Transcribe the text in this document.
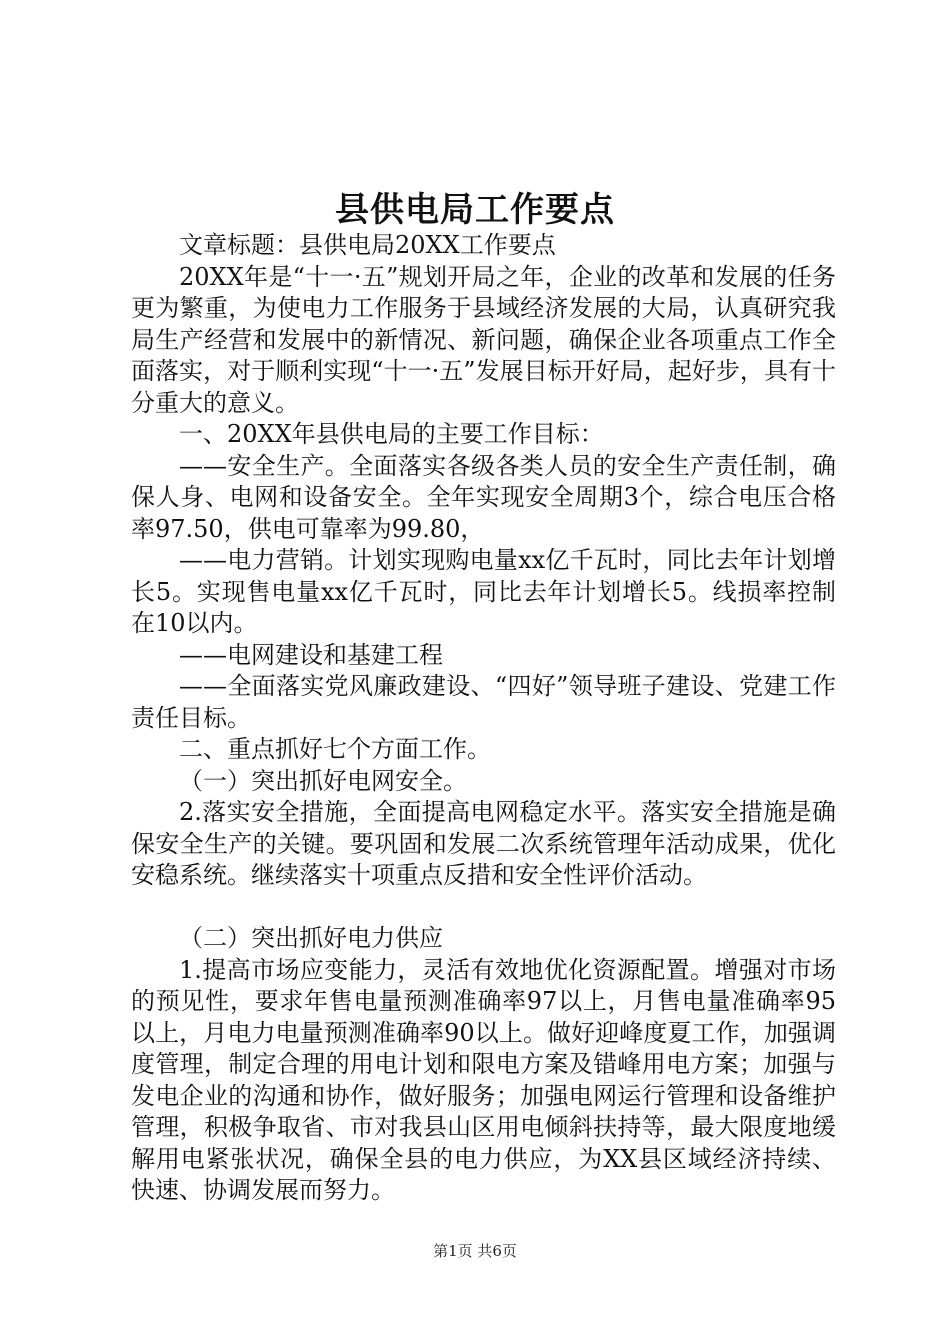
县供电局工作要点

文章标题：县供电局20XX工作要点

20XX年是“十一·五”规划开局之年，企业的改革和发展的任务更为繁重，为使电力工作服务于县域经济发展的大局，认真研究我局生产经营和发展中的新情况、新问题，确保企业各项重点工作全面落实，对于顺利实现“十一·五”发展目标开好局，起好步，具有十分重大的意义。

一、20XX年县供电局的主要工作目标：

——安全生产。全面落实各级各类人员的安全生产责任制，确保人身、电网和设备安全。全年实现安全周期3个，综合电压合格率97.50，供电可靠率为99.80，

——电力营销。计划实现购电量xx亿千瓦时，同比去年计划增长5。实现售电量xx亿千瓦时，同比去年计划增长5。线损率控制在10以内。

——电网建设和基建工程

——全面落实党风廉政建设、“四好”领导班子建设、党建工作责任目标。

二、重点抓好七个方面工作。

（一）突出抓好电网安全。

2.落实安全措施，全面提高电网稳定水平。落实安全措施是确保安全生产的关键。要巩固和发展二次系统管理年活动成果，优化安稳系统。继续落实十项重点反措和安全性评价活动。

（二）突出抓好电力供应

1.提高市场应变能力，灵活有效地优化资源配置。增强对市场的预见性，要求年售电量预测准确率97以上，月售电量准确率95以上，月电力电量预测准确率90以上。做好迎峰度夏工作，加强调度管理，制定合理的用电计划和限电方案及错峰用电方案；加强与发电企业的沟通和协作，做好服务；加强电网运行管理和设备维护管理，积极争取省、市对我县山区用电倾斜扶持等，最大限度地缓解用电紧张状况，确保全县的电力供应，为XX县区域经济持续、快速、协调发展而努力。

第1页 共6页
